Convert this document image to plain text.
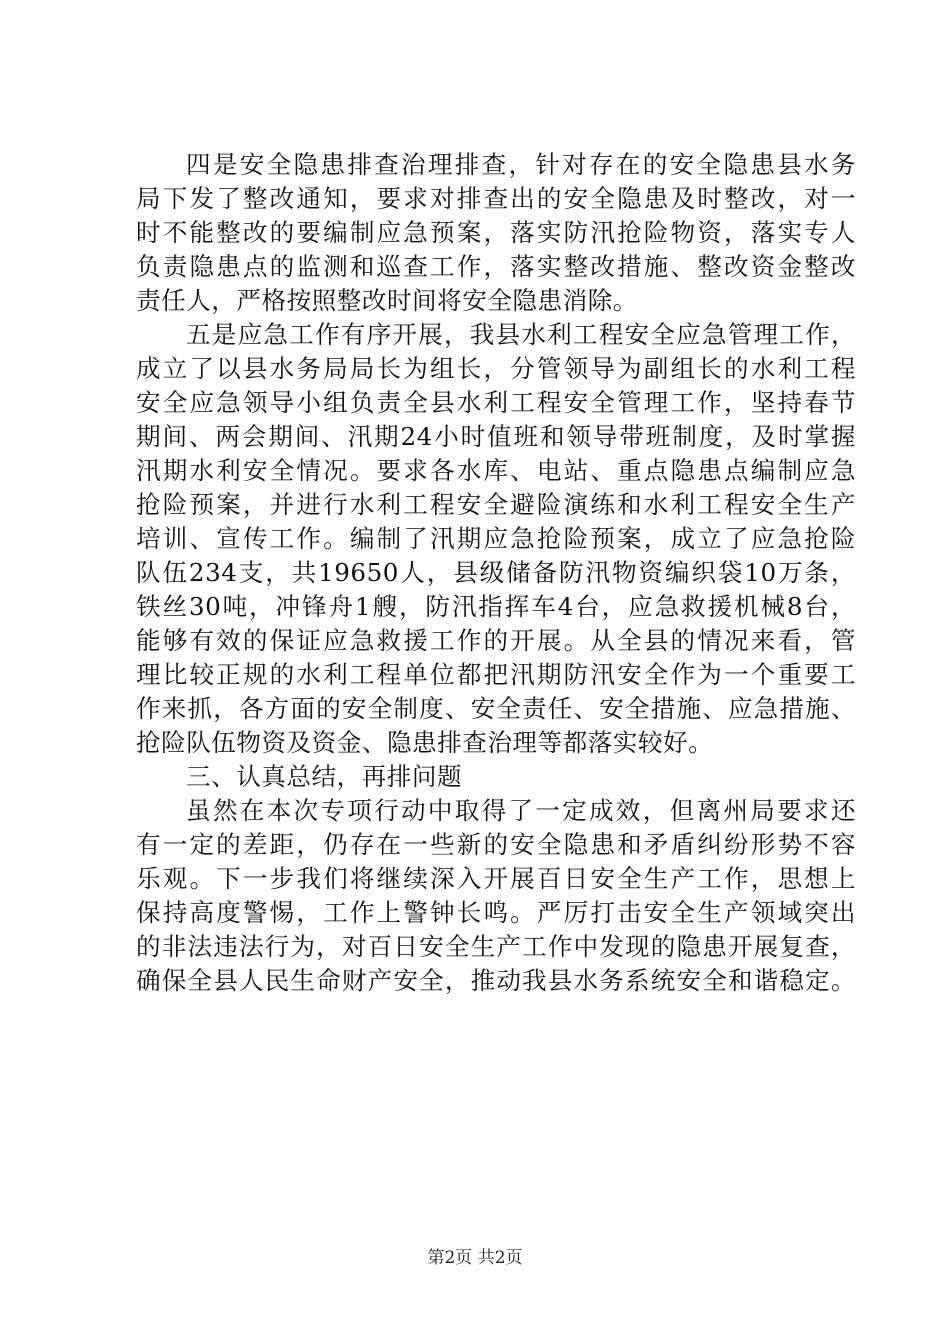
四是安全隐患排查治理排查，针对存在的安全隐患县水务
局下发了整改通知，要求对排查出的安全隐患及时整改，对一
时不能整改的要编制应急预案，落实防汛抢险物资，落实专人
负责隐患点的监测和巡查工作，落实整改措施、整改资金整改
责任人，严格按照整改时间将安全隐患消除。
五是应急工作有序开展，我县水利工程安全应急管理工作，
成立了以县水务局局长为组长，分管领导为副组长的水利工程
安全应急领导小组负责全县水利工程安全管理工作，坚持春节
期间、两会期间、汛期24小时值班和领导带班制度，及时掌握
汛期水利安全情况。要求各水库、电站、重点隐患点编制应急
抢险预案，并进行水利工程安全避险演练和水利工程安全生产
培训、宣传工作。编制了汛期应急抢险预案，成立了应急抢险
队伍234支，共19650人，县级储备防汛物资编织袋10万条，
铁丝30吨，冲锋舟1艘，防汛指挥车4台，应急救援机械8台，
能够有效的保证应急救援工作的开展。从全县的情况来看，管
理比较正规的水利工程单位都把汛期防汛安全作为一个重要工
作来抓，各方面的安全制度、安全责任、安全措施、应急措施、
抢险队伍物资及资金、隐患排查治理等都落实较好。
三、认真总结，再排问题
虽然在本次专项行动中取得了一定成效，但离州局要求还
有一定的差距，仍存在一些新的安全隐患和矛盾纠纷形势不容
乐观。下一步我们将继续深入开展百日安全生产工作，思想上
保持高度警惕，工作上警钟长鸣。严厉打击安全生产领域突出
的非法违法行为，对百日安全生产工作中发现的隐患开展复查，
确保全县人民生命财产安全，推动我县水务系统安全和谐稳定。
第2页 共2页
